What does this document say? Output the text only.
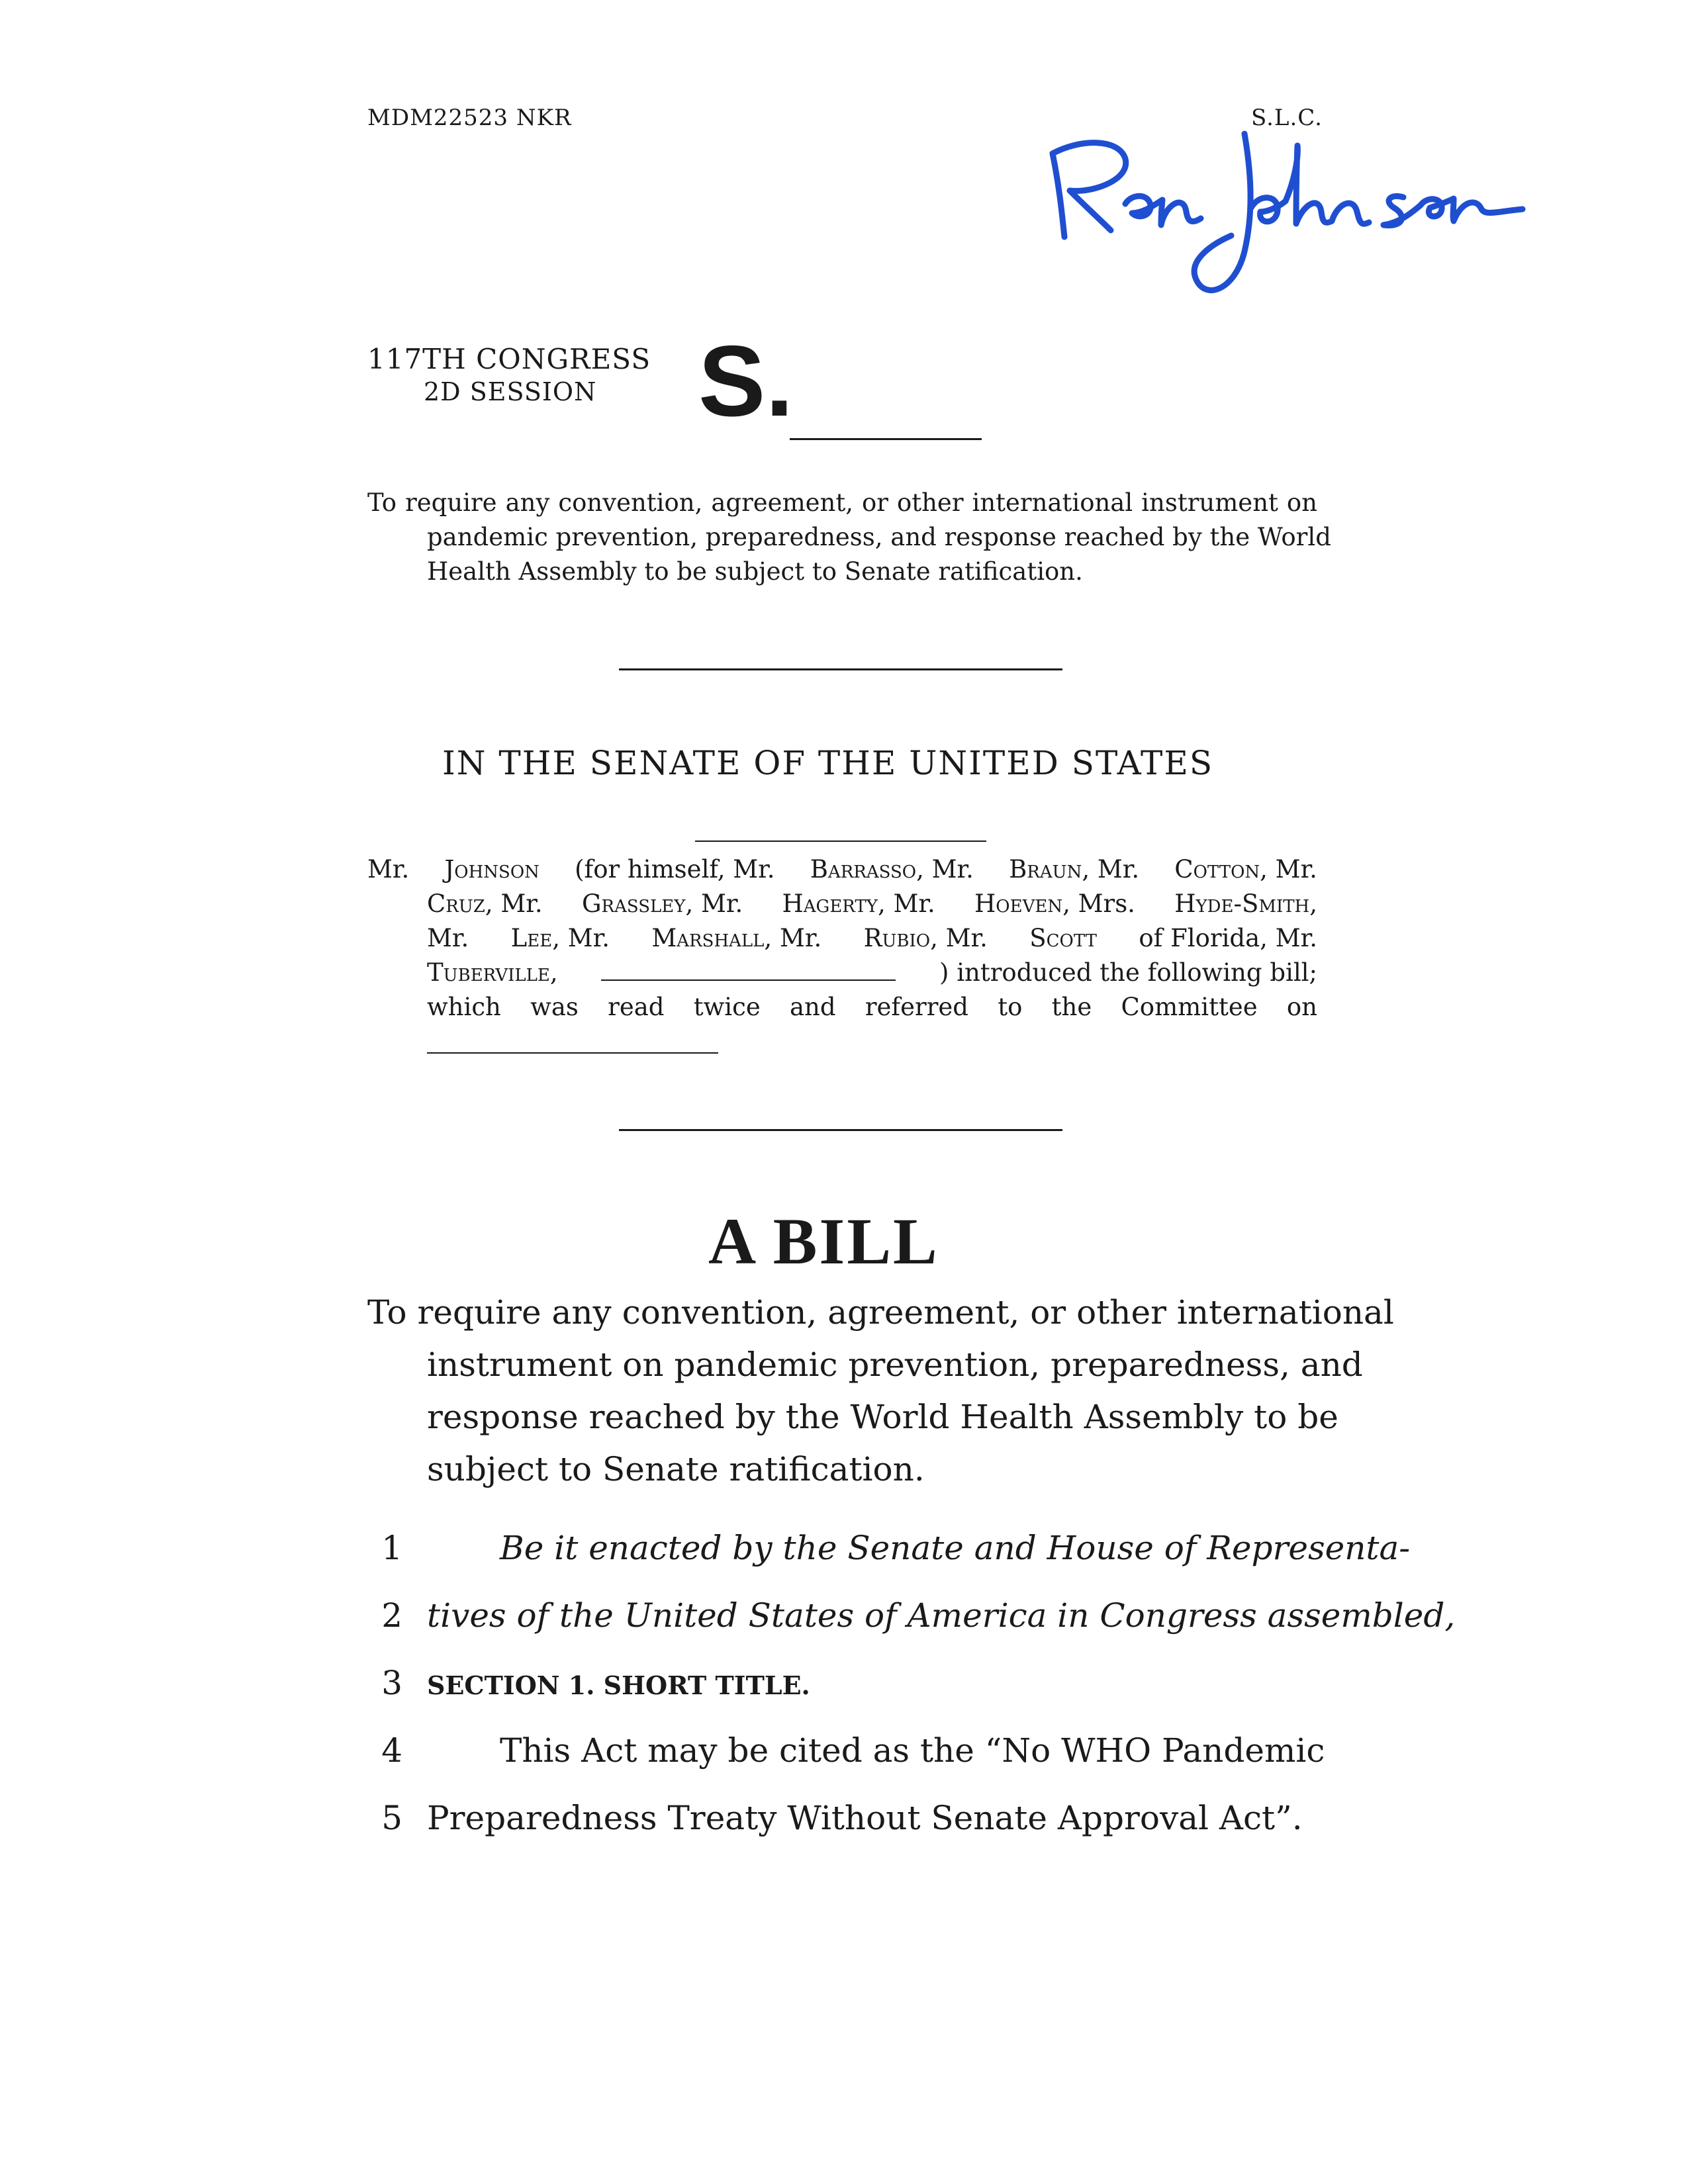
MDM22523 NKR	S.L.C.
117TH CONGRESS
2D SESSION S.
To require any convention, agreement, or other international instrument on
pandemic prevention, preparedness, and response reached by the World
Health Assembly to be subject to Senate ratification.
IN THE SENATE OF THE UNITED STATES
Mr. Johnson (for himself, Mr. Barrasso, Mr. Braun, Mr. Cotton, Mr.
Cruz, Mr. Grassley, Mr. Hagerty, Mr. Hoeven, Mrs. Hyde-Smith,
Mr. Lee, Mr. Marshall, Mr. Rubio, Mr. Scott of Florida, Mr.
Tuberville,	) introduced the following bill;
which was read twice and referred to the Committee on
A BILL
To require any convention, agreement, or other international
instrument on pandemic prevention, preparedness, and
response reached by the World Health Assembly to be
subject to Senate ratification.
1	Be it enacted by the Senate and House of Representa-
2 tives of the United States of America in Congress assembled,
3 SECTION 1. SHORT TITLE.
4	This Act may be cited as the “No WHO Pandemic
5 Preparedness Treaty Without Senate Approval Act”.
